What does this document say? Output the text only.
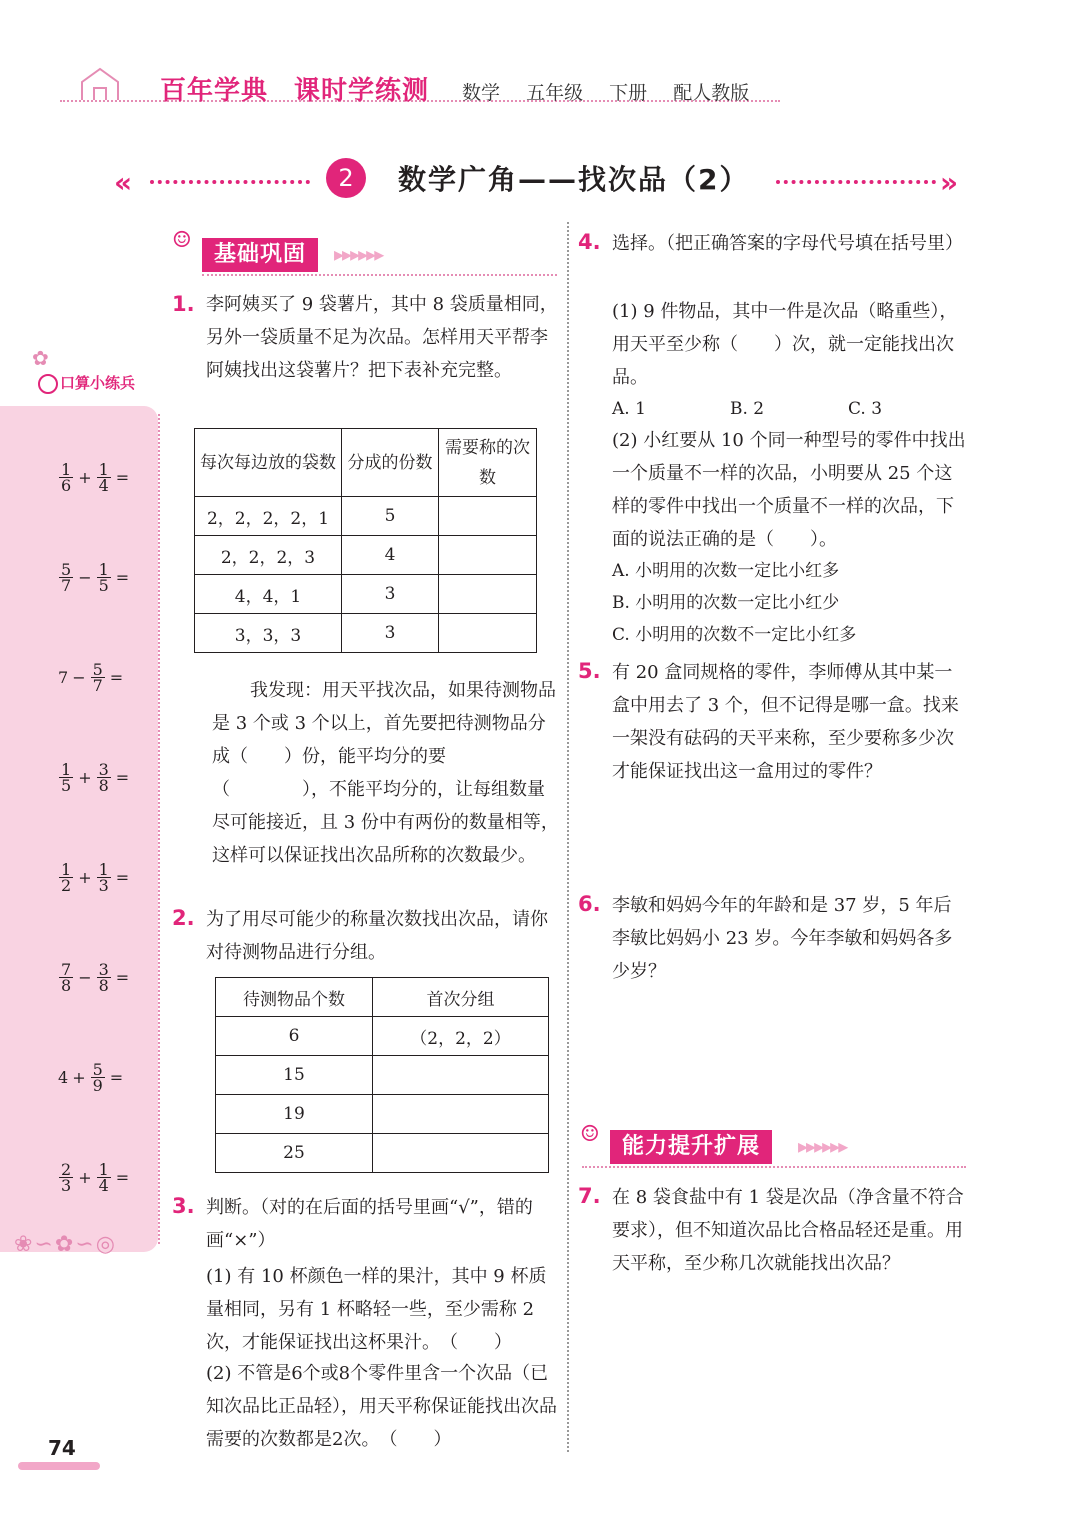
百年学典 课时学练测 数学 五年级 下册 配人教版
«	2	数学广角——找次品（2）	»
✿
口算小练兵
$\frac{1}{6} + \frac{1}{4}$ =
$\frac{5}{7} - \frac{1}{5}$ =
$7 - \frac{5}{7}$ =
$\frac{1}{5} + \frac{3}{8}$ =
$\frac{1}{2} + \frac{1}{3}$ =
$\frac{7}{8} - \frac{3}{8}$ =
$4 + \frac{5}{9}$ =
$\frac{2}{3} + \frac{1}{4}$ =
❀∽✿∽◎
☺
基础巩固	▸▸▸▸▸▸
1. 李阿姨买了 9 袋薯片，其中 8 袋质量相同，另外一袋质量不足为次品。怎样用天平帮李阿姨找出这袋薯片？把下表补充完整。
每次每边放的袋数	分成的份数	需要称的次数
2，2，2，2，1	5	
2，2，2，3	4	
4，4，1	3	
3，3，3	3	
我发现：用天平找次品，如果待测物品是 3 个或 3 个以上，首先要把待测物品分成（　　）份，能平均分的要（　　　　），不能平均分的，让每组数量尽可能接近，且 3 份中有两份的数量相等，这样可以保证找出次品所称的次数最少。
2. 为了用尽可能少的称量次数找出次品，请你对待测物品进行分组。
待测物品个数	首次分组
6	（2，2，2）
15	
19	
25	
3. 判断。（对的在后面的括号里画“√”，错的画“×”）
(1) 有 10 杯颜色一样的果汁，其中 9 杯质量相同，另有 1 杯略轻一些，至少需称 2 次，才能保证找出这杯果汁。　（　　）
(2) 不管是6个或8个零件里含一个次品（已知次品比正品轻），用天平称保证能找出次品需要的次数都是2次。　（　　）
4. 选择。（把正确答案的字母代号填在括号里）
(1) 9 件物品，其中一件是次品（略重些），用天平至少称（　　）次，就一定能找出次品。
A. 1	B. 2	C. 3
(2) 小红要从 10 个同一种型号的零件中找出一个质量不一样的次品，小明要从 25 个这样的零件中找出一个质量不一样的次品，下面的说法正确的是（　　）。
A. 小明用的次数一定比小红多
B. 小明用的次数一定比小红少
C. 小明用的次数不一定比小红多
5. 有 20 盒同规格的零件，李师傅从其中某一盒中用去了 3 个，但不记得是哪一盒。找来一架没有砝码的天平来称，至少要称多少次才能保证找出这一盒用过的零件？
6. 李敏和妈妈今年的年龄和是 37 岁，5 年后李敏比妈妈小 23 岁。今年李敏和妈妈各多少岁？
☺	能力提升扩展	▸▸▸▸▸▸
7. 在 8 袋食盐中有 1 袋是次品（净含量不符合要求），但不知道次品比合格品轻还是重。用天平称，至少称几次就能找出次品？
74
